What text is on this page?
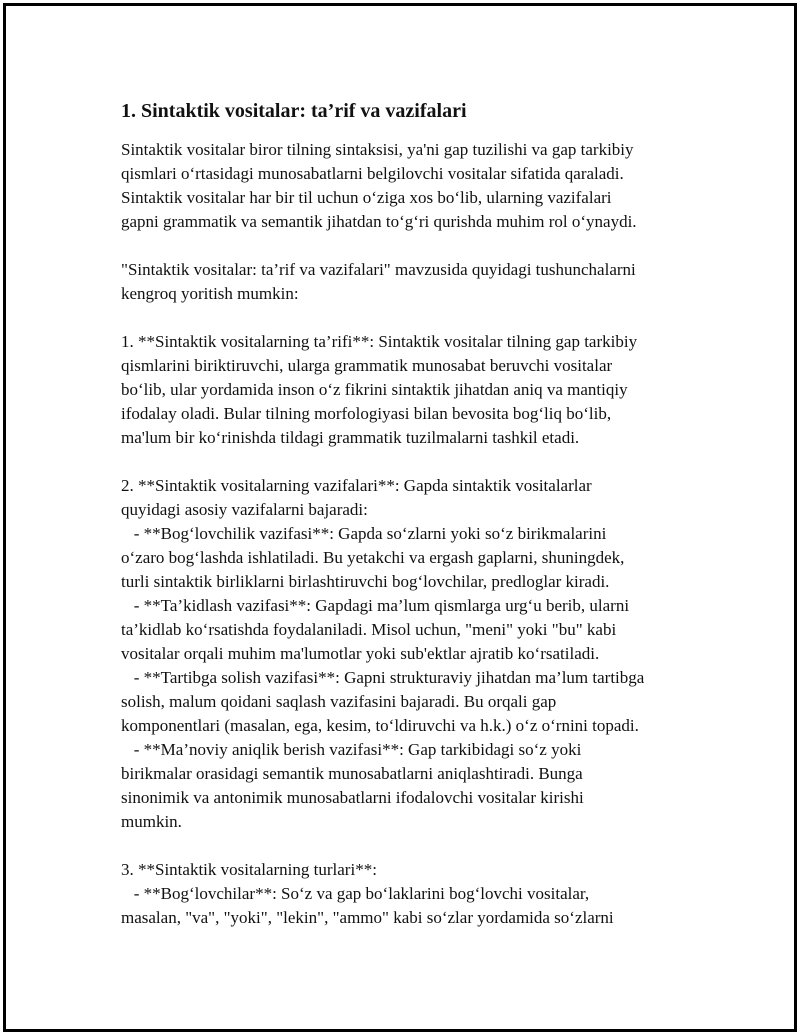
1. Sintaktik vositalar: ta’rif va vazifalari
Sintaktik vositalar biror tilning sintaksisi, ya'ni gap tuzilishi va gap tarkibiy
qismlari o‘rtasidagi munosabatlarni belgilovchi vositalar sifatida qaraladi.
Sintaktik vositalar har bir til uchun o‘ziga xos bo‘lib, ularning vazifalari
gapni grammatik va semantik jihatdan to‘g‘ri qurishda muhim rol o‘ynaydi.
"Sintaktik vositalar: ta’rif va vazifalari" mavzusida quyidagi tushunchalarni
kengroq yoritish mumkin:
1. **Sintaktik vositalarning ta’rifi**: Sintaktik vositalar tilning gap tarkibiy
qismlarini biriktiruvchi, ularga grammatik munosabat beruvchi vositalar
bo‘lib, ular yordamida inson o‘z fikrini sintaktik jihatdan aniq va mantiqiy
ifodalay oladi. Bular tilning morfologiyasi bilan bevosita bog‘liq bo‘lib,
ma'lum bir ko‘rinishda tildagi grammatik tuzilmalarni tashkil etadi.
2. **Sintaktik vositalarning vazifalari**: Gapda sintaktik vositalarlar
quyidagi asosiy vazifalarni bajaradi:
- **Bog‘lovchilik vazifasi**: Gapda so‘zlarni yoki so‘z birikmalarini
o‘zaro bog‘lashda ishlatiladi. Bu yetakchi va ergash gaplarni, shuningdek,
turli sintaktik birliklarni birlashtiruvchi bog‘lovchilar, predloglar kiradi.
- **Ta’kidlash vazifasi**: Gapdagi ma’lum qismlarga urg‘u berib, ularni
ta’kidlab ko‘rsatishda foydalaniladi. Misol uchun, "meni" yoki "bu" kabi
vositalar orqali muhim ma'lumotlar yoki sub'ektlar ajratib ko‘rsatiladi.
- **Tartibga solish vazifasi**: Gapni strukturaviy jihatdan ma’lum tartibga
solish, malum qoidani saqlash vazifasini bajaradi. Bu orqali gap
komponentlari (masalan, ega, kesim, to‘ldiruvchi va h.k.) o‘z o‘rnini topadi.
- **Ma’noviy aniqlik berish vazifasi**: Gap tarkibidagi so‘z yoki
birikmalar orasidagi semantik munosabatlarni aniqlashtiradi. Bunga
sinonimik va antonimik munosabatlarni ifodalovchi vositalar kirishi
mumkin.
3. **Sintaktik vositalarning turlari**:
- **Bog‘lovchilar**: So‘z va gap bo‘laklarini bog‘lovchi vositalar,
masalan, "va", "yoki", "lekin", "ammo" kabi so‘zlar yordamida so‘zlarni
